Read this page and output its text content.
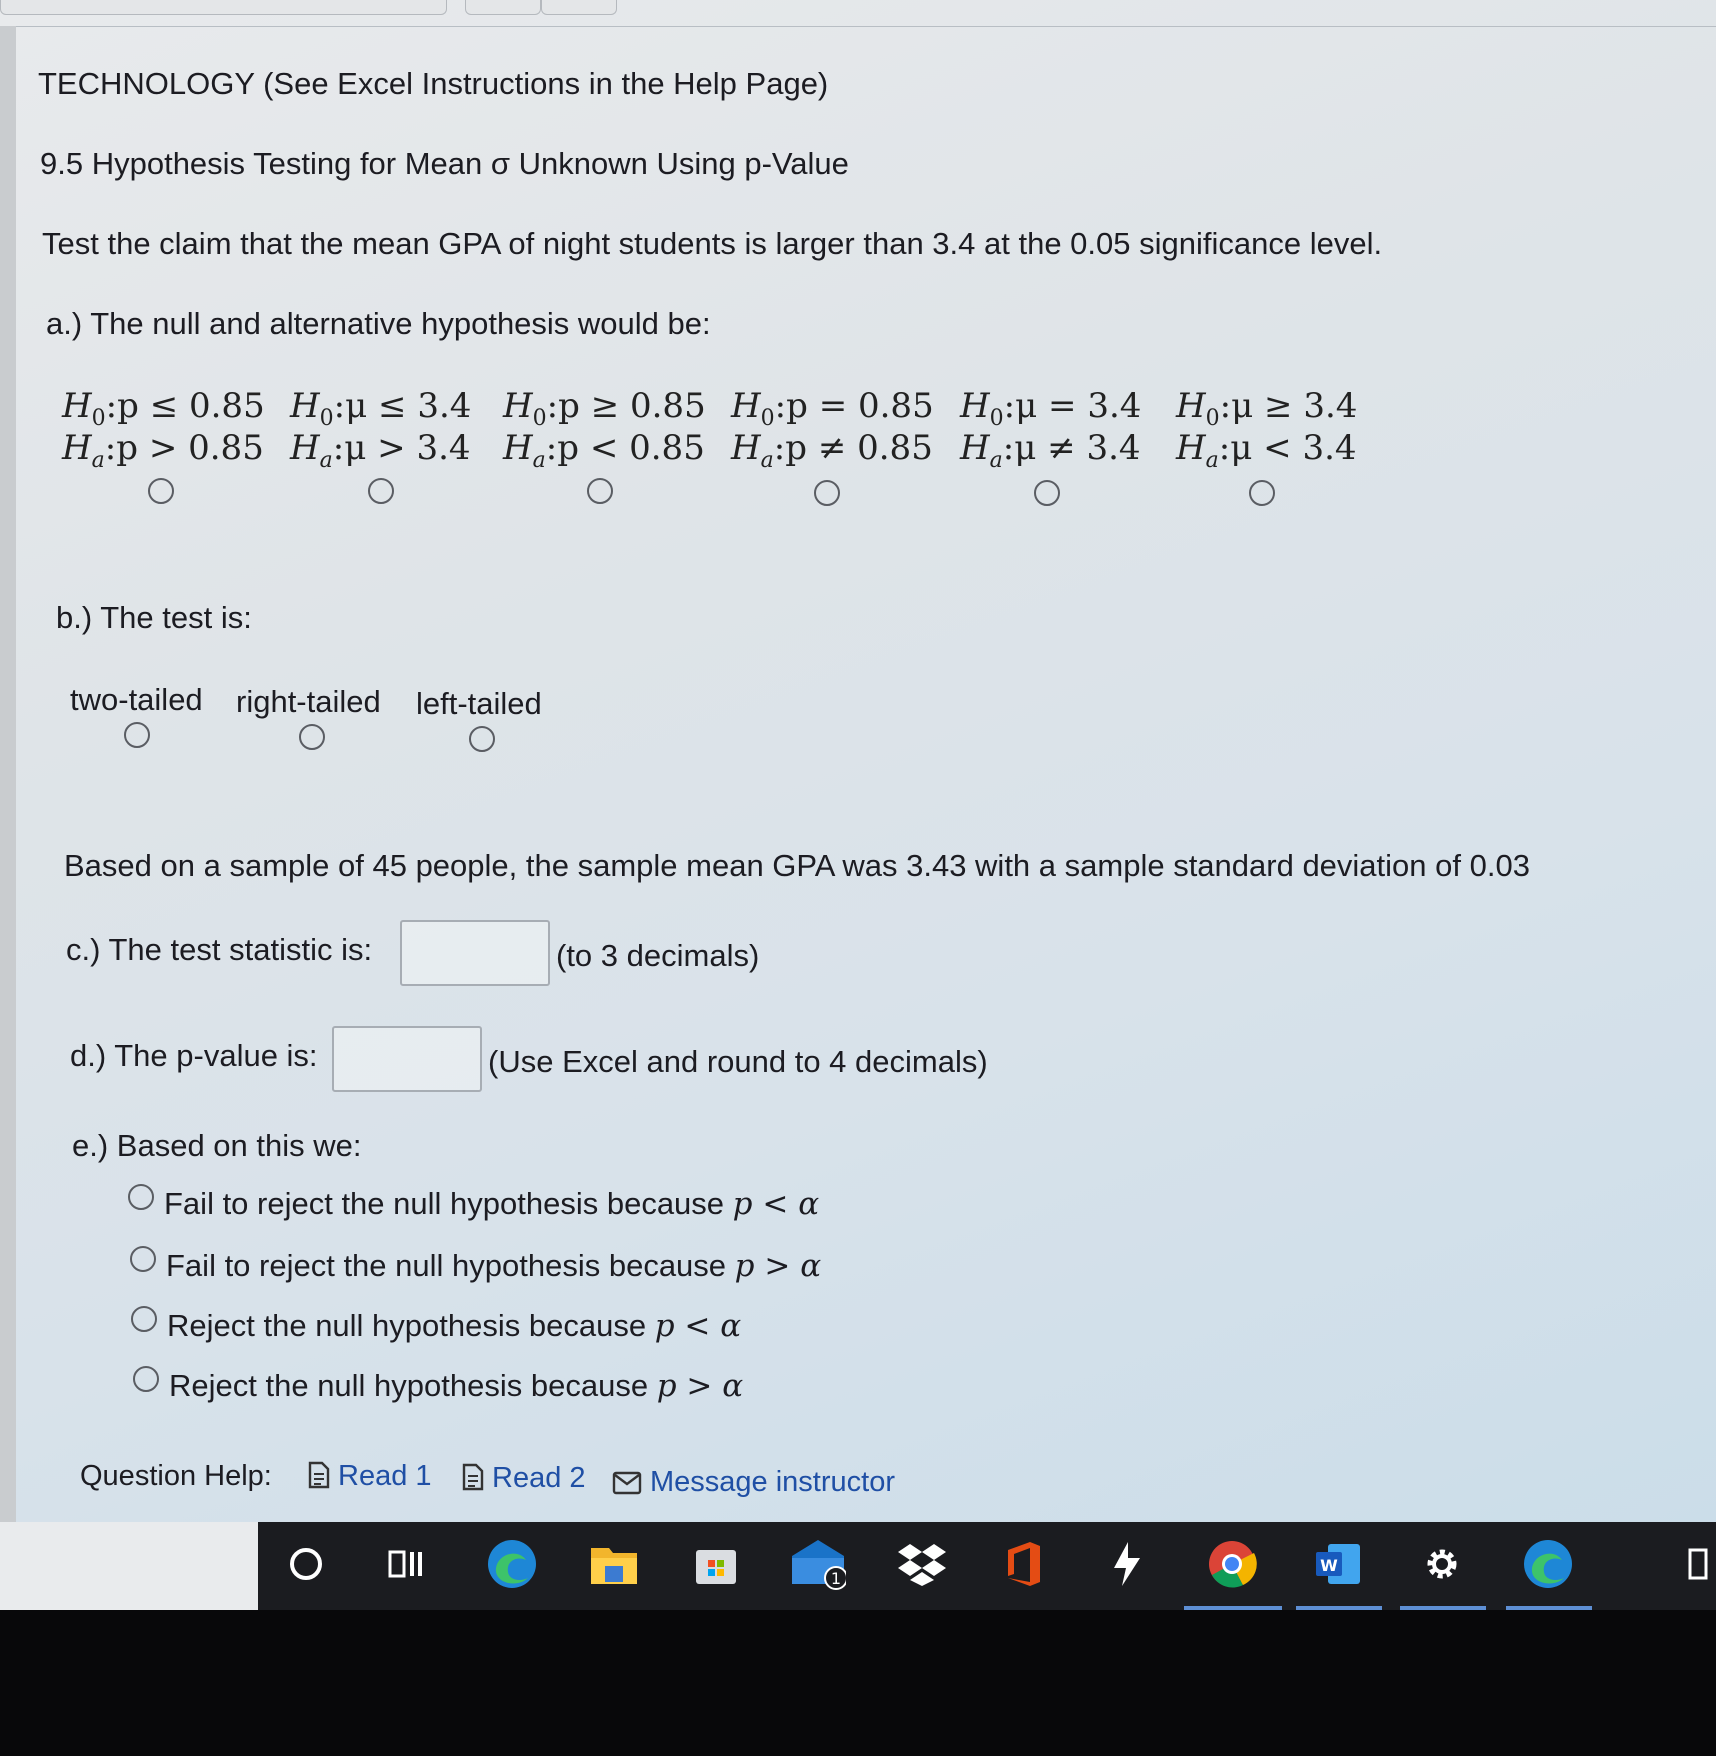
TECHNOLOGY (See Excel Instructions in the Help Page)
9.5 Hypothesis Testing for Mean σ Unknown Using p-Value
Test the claim that the mean GPA of night students is larger than 3.4 at the 0.05 significance level.
a.) The null and alternative hypothesis would be:
$H_0:p \le 0.85$
$H_a:p > 0.85$
$H_0:\mu \le 3.4$
$H_a:\mu > 3.4$
$H_0:p \ge 0.85$
$H_a:p < 0.85$
$H_0:p = 0.85$
$H_a:p \ne 0.85$
$H_0:\mu = 3.4$
$H_a:\mu \ne 3.4$
$H_0:\mu \ge 3.4$
$H_a:\mu < 3.4$
b.) The test is:
two-tailed right-tailed left-tailed
Based on a sample of 45 people, the sample mean GPA was 3.43 with a sample standard deviation of 0.03
c.) The test statistic is:	(to 3 decimals)
d.) The p-value is:	(Use Excel and round to 4 decimals)
e.) Based on this we:
Fail to reject the null hypothesis because p < α
Fail to reject the null hypothesis because p > α
Reject the null hypothesis because p < α
Reject the null hypothesis because p > α
Question Help:	Read 1	Read 2	Message instructor
1
W
